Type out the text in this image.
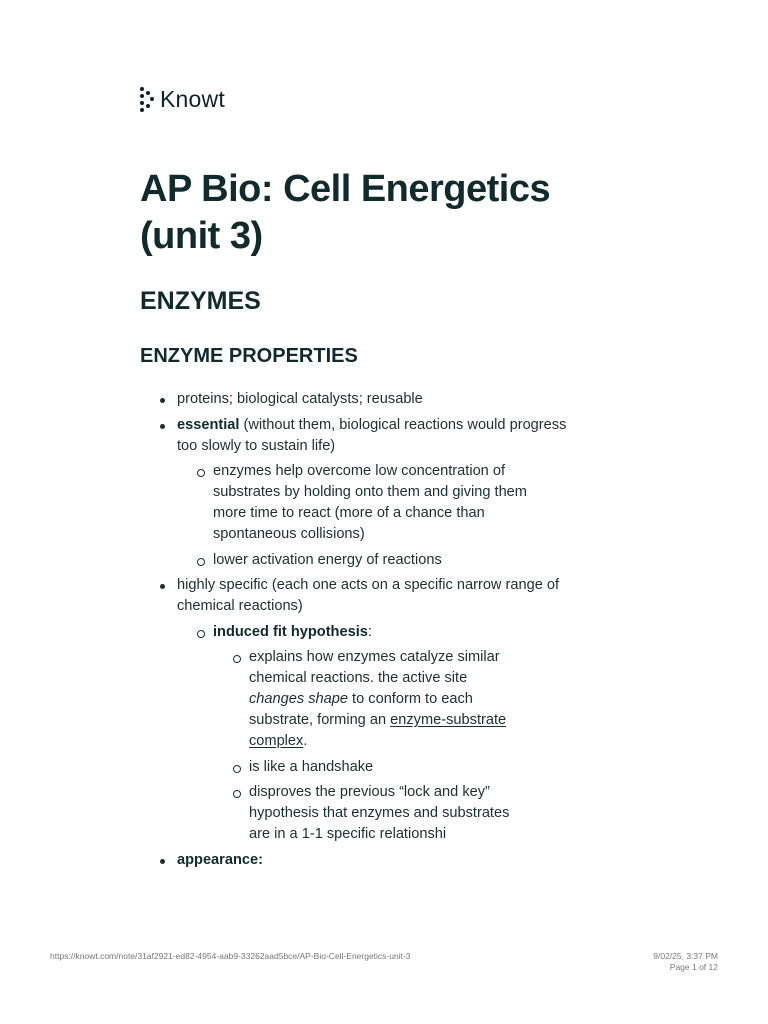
Knowt
AP Bio: Cell Energetics (unit 3)
ENZYMES
ENZYME PROPERTIES
proteins; biological catalysts; reusable
essential (without them, biological reactions would progress too slowly to sustain life)
enzymes help overcome low concentration of substrates by holding onto them and giving them more time to react (more of a chance than spontaneous collisions)
lower activation energy of reactions
highly specific (each one acts on a specific narrow range of chemical reactions)
induced fit hypothesis:
explains how enzymes catalyze similar chemical reactions. the active site changes shape to conform to each substrate, forming an enzyme-substrate complex.
is like a handshake
disproves the previous “lock and key” hypothesis that enzymes and substrates are in a 1-1 specific relationshi
appearance:
https://knowt.com/note/31af2921-ed82-4954-aab9-33262aad5bce/AP-Bio-Cell-Energetics-unit-3	9/02/25, 3:37 PM
Page 1 of 12
